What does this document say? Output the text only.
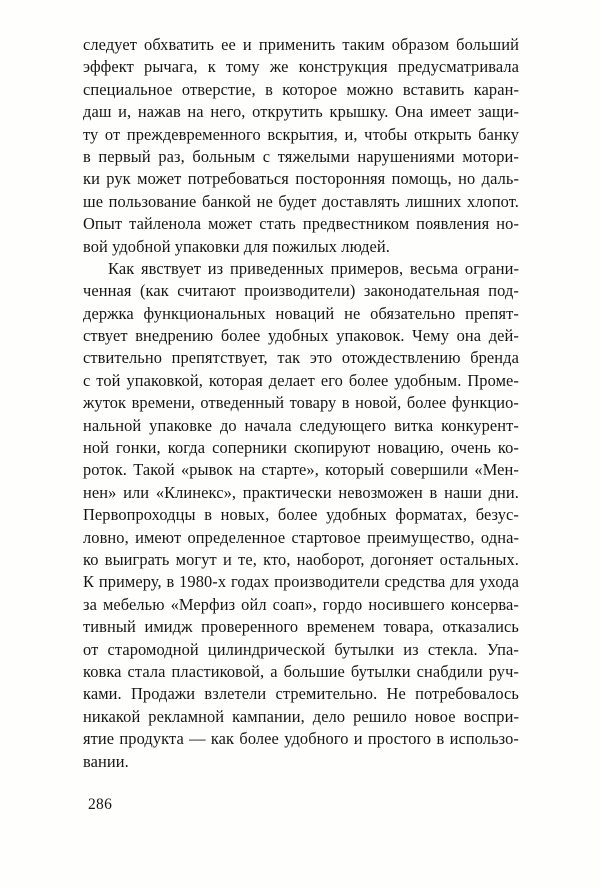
следует обхватить ее и применить таким образом больший
эффект рычага, к тому же конструкция предусматривала
специальное отверстие, в которое можно вставить каран-
даш и, нажав на него, открутить крышку. Она имеет защи-
ту от преждевременного вскрытия, и, чтобы открыть банку
в первый раз, больным с тяжелыми нарушениями мотори-
ки рук может потребоваться посторонняя помощь, но даль-
ше пользование банкой не будет доставлять лишних хлопот.
Опыт тайленола может стать предвестником появления но-
вой удобной упаковки для пожилых людей.
Как явствует из приведенных примеров, весьма ограни-
ченная (как считают производители) законодательная под-
держка функциональных новаций не обязательно препят-
ствует внедрению более удобных упаковок. Чему она дей-
ствительно препятствует, так это отождествлению бренда
с той упаковкой, которая делает его более удобным. Проме-
жуток времени, отведенный товару в новой, более функцио-
нальной упаковке до начала следующего витка конкурент-
ной гонки, когда соперники скопируют новацию, очень ко-
роток. Такой «рывок на старте», который совершили «Мен-
нен» или «Клинекс», практически невозможен в наши дни.
Первопроходцы в новых, более удобных форматах, безус-
ловно, имеют определенное стартовое преимущество, одна-
ко выиграть могут и те, кто, наоборот, догоняет остальных.
К примеру, в 1980-х годах производители средства для ухода
за мебелью «Мерфиз ойл соап», гордо носившего консерва-
тивный имидж проверенного временем товара, отказались
от старомодной цилиндрической бутылки из стекла. Упа-
ковка стала пластиковой, а большие бутылки снабдили руч-
ками. Продажи взлетели стремительно. Не потребовалось
никакой рекламной кампании, дело решило новое воспри-
ятие продукта — как более удобного и простого в использо-
вании.
286
